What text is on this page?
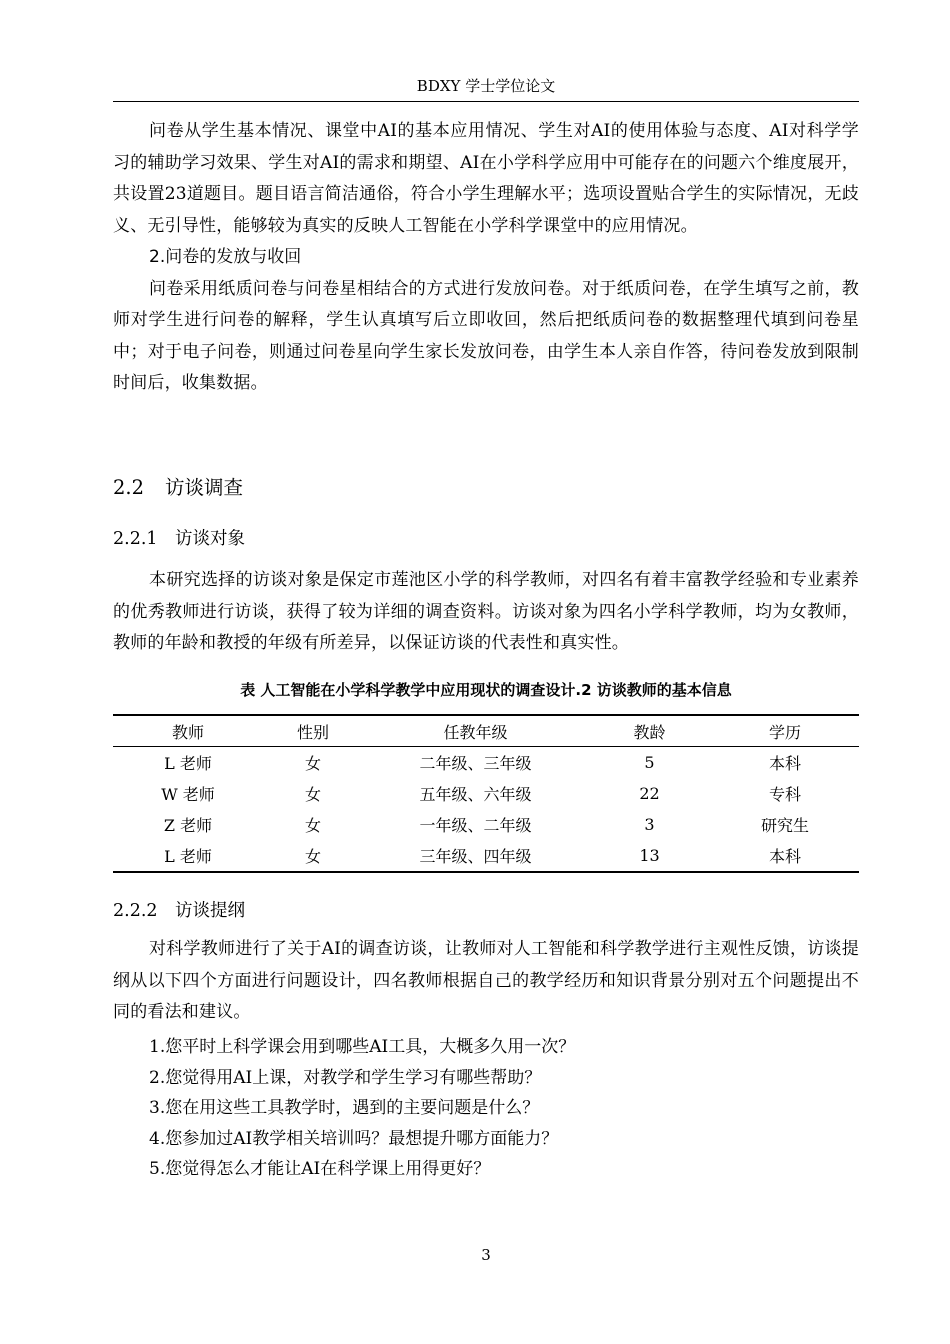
BDXY 学士学位论文

问卷从学生基本情况、课堂中AI的基本应用情况、学生对AI的使用体验与态度、AI对科学学习的辅助学习效果、学生对AI的需求和期望、AI在小学科学应用中可能存在的问题六个维度展开，共设置23道题目。题目语言简洁通俗，符合小学生理解水平；选项设置贴合学生的实际情况，无歧义、无引导性，能够较为真实的反映人工智能在小学科学课堂中的应用情况。

2.问卷的发放与收回

问卷采用纸质问卷与问卷星相结合的方式进行发放问卷。对于纸质问卷，在学生填写之前，教师对学生进行问卷的解释，学生认真填写后立即收回，然后把纸质问卷的数据整理代填到问卷星中；对于电子问卷，则通过问卷星向学生家长发放问卷，由学生本人亲自作答，待问卷发放到限制时间后，收集数据。

2.2 访谈调查
2.2.1 访谈对象

本研究选择的访谈对象是保定市莲池区小学的科学教师，对四名有着丰富教学经验和专业素养的优秀教师进行访谈，获得了较为详细的调查资料。访谈对象为四名小学科学教师，均为女教师，教师的年龄和教授的年级有所差异，以保证访谈的代表性和真实性。

表 人工智能在小学科学教学中应用现状的调查设计.2 访谈教师的基本信息
教师	性别	任教年级	教龄	学历
L 老师	女	二年级、三年级	5	本科
W 老师	女	五年级、六年级	22	专科
Z 老师	女	一年级、二年级	3	研究生
L 老师	女	三年级、四年级	13	本科
2.2.2 访谈提纲

对科学教师进行了关于AI的调查访谈，让教师对人工智能和科学教学进行主观性反馈，访谈提纲从以下四个方面进行问题设计，四名教师根据自己的教学经历和知识背景分别对五个问题提出不同的看法和建议。

1.您平时上科学课会用到哪些AI工具，大概多久用一次？

2.您觉得用AI上课，对教学和学生学习有哪些帮助？

3.您在用这些工具教学时，遇到的主要问题是什么？

4.您参加过AI教学相关培训吗？最想提升哪方面能力？

5.您觉得怎么才能让AI在科学课上用得更好？

3
